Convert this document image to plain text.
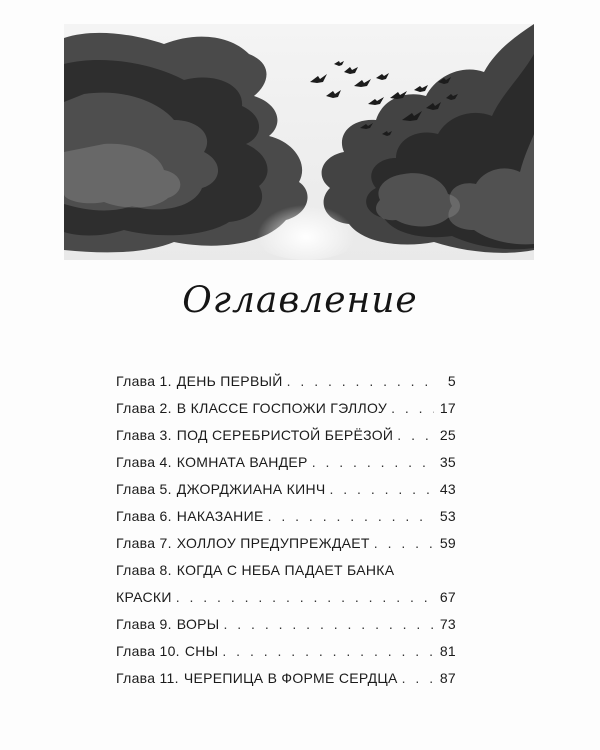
Оглавление
Глава 1. ДЕНЬ ПЕРВЫЙ . . .	5
Глава 2. В КЛАССЕ ГОСПОЖИ ГЭЛЛОУ . . .	17
Глава 3. ПОД СЕРЕБРИСТОЙ БЕРЁЗОЙ . . .	25
Глава 4. КОМНАТА ВАНДЕР . . .	35
Глава 5. ДЖОРДЖИАНА КИНЧ . . .	43
Глава 6. НАКАЗАНИЕ . . .	53
Глава 7. ХОЛЛОУ ПРЕДУПРЕЖДАЕТ . . .	59
Глава 8. КОГДА С НЕБА ПАДАЕТ БАНКА
КРАСКИ . . .	67
Глава 9. ВОРЫ . . .	73
Глава 10. СНЫ . . .	81
Глава 11. ЧЕРЕПИЦА В ФОРМЕ СЕРДЦА . . .	87
